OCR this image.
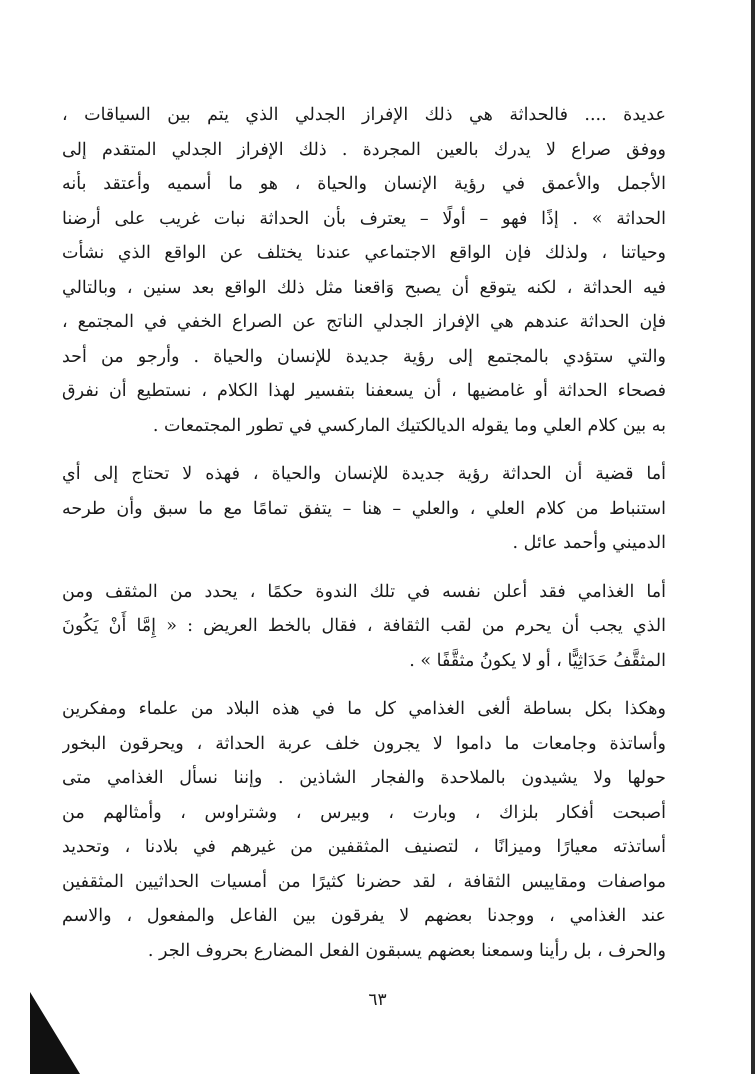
عديدة .... فالحداثة هي ذلك الإفراز الجدلي الذي يتم بين السياقات ،
ووفق صراع لا يدرك بالعين المجردة . ذلك الإفراز الجدلي المتقدم إلى
الأجمل والأعمق في رؤية الإنسان والحياة ، هو ما أسميه وأعتقد بأنه
الحداثة » . إذًا فهو – أولًا – يعترف بأن الحداثة نبات غريب على أرضنا
وحياتنا ، ولذلك فإن الواقع الاجتماعي عندنا يختلف عن الواقع الذي نشأت
فيه الحداثة ، لكنه يتوقع أن يصبح وَاقعنا مثل ذلك الواقع بعد سنين ، وبالتالي
فإن الحداثة عندهم هي الإفراز الجدلي الناتج عن الصراع الخفي في المجتمع ،
والتي ستؤدي بالمجتمع إلى رؤية جديدة للإنسان والحياة . وأرجو من أحد
فصحاء الحداثة أو غامضيها ، أن يسعفنا بتفسير لهذا الكلام ، نستطيع أن نفرق
به بين كلام العلي وما يقوله الديالكتيك الماركسي في تطور المجتمعات .
أما قضية أن الحداثة رؤية جديدة للإنسان والحياة ، فهذه لا تحتاج إلى أي
استنباط من كلام العلي ، والعلي – هنا – يتفق تمامًا مع ما سبق وأن طرحه
الدميني وأحمد عائل .
أما الغذامي فقد أعلن نفسه في تلك الندوة حكمًا ، يحدد من المثقف ومن
الذي يجب أن يحرم من لقب الثقافة ، فقال بالخط العريض : « إِمَّا أَنْ يَكُونَ
المثقَّفُ حَدَاثِيًّا ، أو لا يكونُ مثقَّفًا » .
وهكذا بكل بساطة ألغى الغذامي كل ما في هذه البلاد من علماء ومفكرين
وأساتذة وجامعات ما داموا لا يجرون خلف عربة الحداثة ، ويحرقون البخور
حولها ولا يشيدون بالملاحدة والفجار الشاذين . وإننا نسأل الغذامي متى
أصبحت أفكار بلزاك ، وبارت ، وبيرس ، وشتراوس ، وأمثالهم من
أساتذته معيارًا وميزانًا ، لتصنيف المثقفين من غيرهم في بلادنا ، وتحديد
مواصفات ومقاييس الثقافة ، لقد حضرنا كثيرًا من أمسيات الحداثيين المثقفين
عند الغذامي ، ووجدنا بعضهم لا يفرقون بين الفاعل والمفعول ، والاسم
والحرف ، بل رأينا وسمعنا بعضهم يسبقون الفعل المضارع بحروف الجر .
٦٣
